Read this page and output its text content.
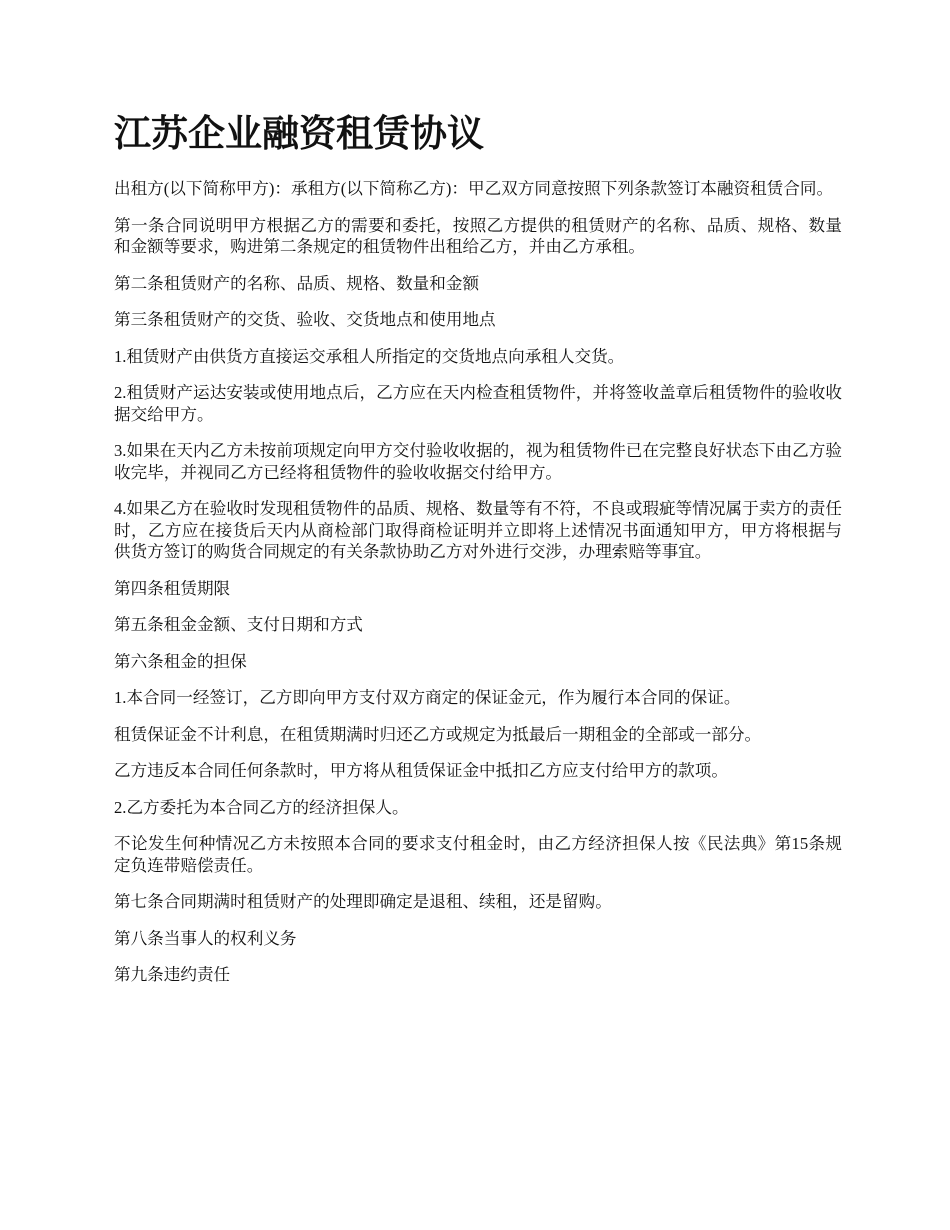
江苏企业融资租赁协议

出租方(以下简称甲方)：承租方(以下简称乙方)：甲乙双方同意按照下列条款签订本融资租赁合同。

第一条合同说明甲方根据乙方的需要和委托，按照乙方提供的租赁财产的名称、品质、规格、数量和金额等要求，购进第二条规定的租赁物件出租给乙方，并由乙方承租。

第二条租赁财产的名称、品质、规格、数量和金额

第三条租赁财产的交货、验收、交货地点和使用地点

1.租赁财产由供货方直接运交承租人所指定的交货地点向承租人交货。

2.租赁财产运达安装或使用地点后，乙方应在天内检查租赁物件，并将签收盖章后租赁物件的验收收据交给甲方。

3.如果在天内乙方未按前项规定向甲方交付验收收据的，视为租赁物件已在完整良好状态下由乙方验收完毕，并视同乙方已经将租赁物件的验收收据交付给甲方。

4.如果乙方在验收时发现租赁物件的品质、规格、数量等有不符，不良或瑕疵等情况属于卖方的责任时，乙方应在接货后天内从商检部门取得商检证明并立即将上述情况书面通知甲方，甲方将根据与供货方签订的购货合同规定的有关条款协助乙方对外进行交涉，办理索赔等事宜。

第四条租赁期限

第五条租金金额、支付日期和方式

第六条租金的担保

1.本合同一经签订，乙方即向甲方支付双方商定的保证金元，作为履行本合同的保证。

租赁保证金不计利息，在租赁期满时归还乙方或规定为抵最后一期租金的全部或一部分。

乙方违反本合同任何条款时，甲方将从租赁保证金中抵扣乙方应支付给甲方的款项。

2.乙方委托为本合同乙方的经济担保人。

不论发生何种情况乙方未按照本合同的要求支付租金时，由乙方经济担保人按《民法典》第15条规定负连带赔偿责任。

第七条合同期满时租赁财产的处理即确定是退租、续租，还是留购。

第八条当事人的权利义务

第九条违约责任
